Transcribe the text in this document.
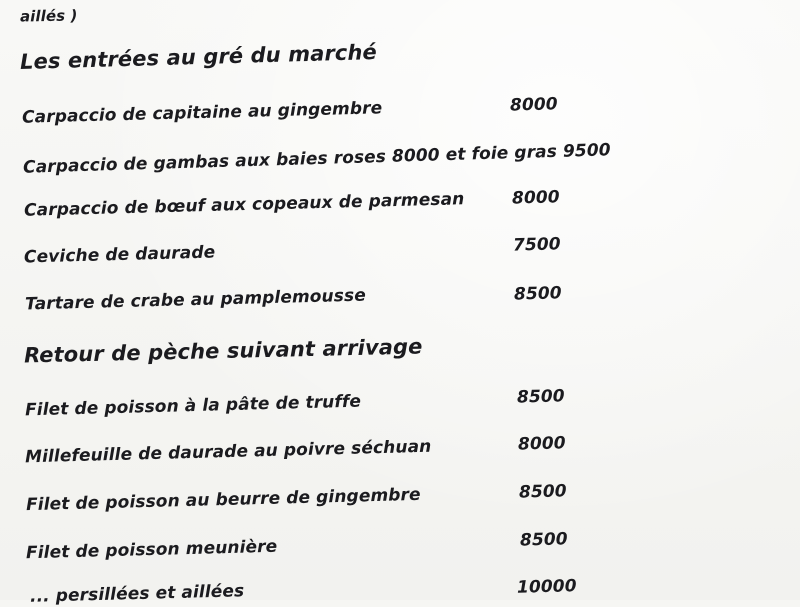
aillés )
Les entrées au gré du marché
Carpaccio de capitaine au gingembre	8000
Carpaccio de gambas aux baies roses 8000 et foie gras 9500
Carpaccio de bœuf aux copeaux de parmesan	8000
Ceviche de daurade	7500
Tartare de crabe au pamplemousse	8500
Retour de pèche suivant arrivage
Filet de poisson à la pâte de truffe	8500
Millefeuille de daurade au poivre séchuan	8000
Filet de poisson au beurre de gingembre	8500
Filet de poisson meunière	8500
... persillées et aillées	10000
